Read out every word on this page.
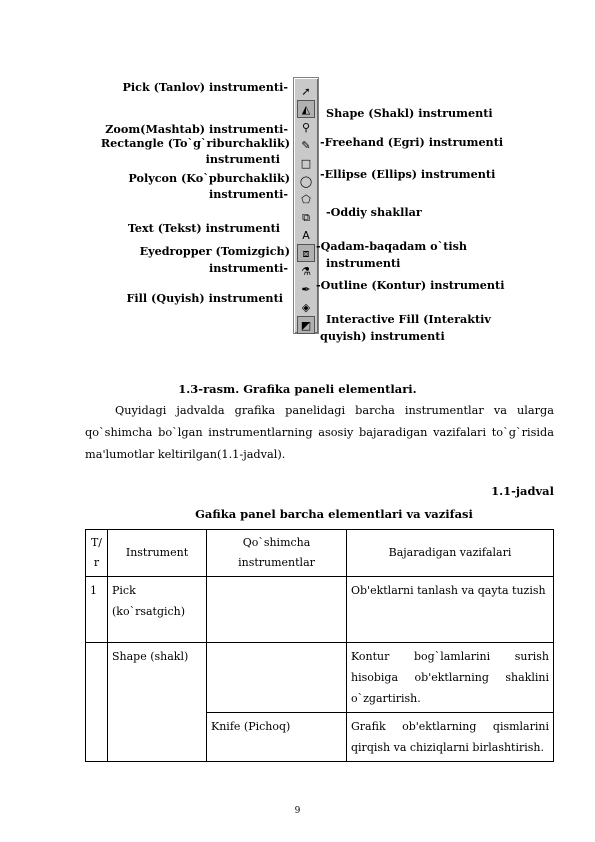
Pick (Tanlov) instrumenti-
Zoom(Mashtab) instrumenti-
Rectangle (To`g`riburchaklik)
instrumenti
Polycon (Ko`pburchaklik)
instrumenti-
Text (Tekst) instrumenti
Eyedropper (Tomizgich)
instrumenti-
Fill (Quyish) instrumenti
➚
◭
⚲
✎
□
◯
⬠
⧉
A
⧈
⚗
✒
◈
◩
Shape (Shakl) instrumenti
-Freehand (Egri) instrumenti
-Ellipse (Ellips) instrumenti
-Oddiy shakllar
-Qadam-baqadam o`tish
instrumenti
-Outline (Kontur) instrumenti
Interactive Fill (Interaktiv
quyish) instrumenti
1.3-rasm. Grafika paneli elementlari.
Quyidagi jadvalda grafika panelidagi barcha instrumentlar va ularga qo`shimcha bo`lgan instrumentlarning asosiy bajaradigan vazifalari to`g`risida ma'lumotlar keltirilgan(1.1-jadval).
1.1-jadval
Gafika panel barcha elementlari va vazifasi
T/
r	Instrument	Qo`shimcha instrumentlar	Bajaradigan vazifalari
1	Pick (ko`rsatgich)		Ob'ektlarni tanlash va qayta tuzish
	Shape (shakl)		Kontur bog`lamlarini surish hisobiga ob'ektlarning shaklini o`zgartirish.
		Knife (Pichoq)	Grafik ob'ektlarning qismlarini qirqish va chiziqlarni birlashtirish.
9
